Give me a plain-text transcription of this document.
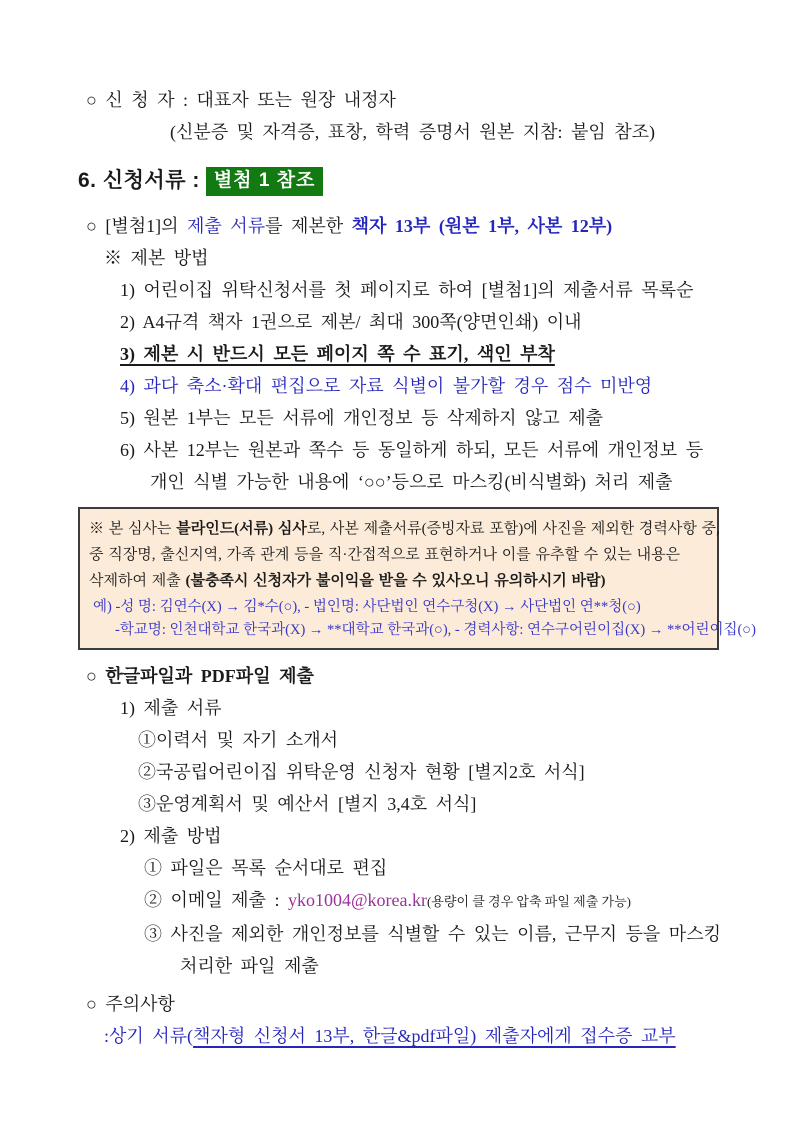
○ 신 청 자 : 대표자 또는 원장 내정자
(신분증 및 자격증, 표창, 학력 증명서 원본 지참: 붙임 참조)
6. 신청서류 : 별첨 1 참조
○ [별첨1]의 제출 서류를 제본한 책자 13부 (원본 1부, 사본 12부)
※ 제본 방법
1) 어린이집 위탁신청서를 첫 페이지로 하여 [별첨1]의 제출서류 목록순
2) A4규격 책자 1권으로 제본/ 최대 300쪽(양면인쇄) 이내
3) 제본 시 반드시 모든 페이지 쪽 수 표기, 색인 부착
4) 과다 축소·확대 편집으로 자료 식별이 불가할 경우 점수 미반영
5) 원본 1부는 모든 서류에 개인정보 등 삭제하지 않고 제출
6) 사본 12부는 원본과 쪽수 등 동일하게 하되, 모든 서류에 개인정보 등
개인 식별 가능한 내용에 ‘○○’등으로 마스킹(비식별화) 처리 제출
※ 본 심사는 블라인드(서류) 심사로, 사본 제출서류(증빙자료 포함)에 사진을 제외한 경력사항 중,
중 직장명, 출신지역, 가족 관계 등을 직·간접적으로 표현하거나 이를 유추할 수 있는 내용은
삭제하여 제출 (불충족시 신청자가 불이익을 받을 수 있사오니 유의하시기 바람)
예) -성 명: 김연수(X) → 김*수(○), - 법인명: 사단법인 연수구청(X) → 사단법인 연**청(○)
-학교명: 인천대학교 한국과(X) → **대학교 한국과(○), - 경력사항: 연수구어린이집(X) → **어린이집(○)
○ 한글파일과 PDF파일 제출
1) 제출 서류
①이력서 및 자기 소개서
②국공립어린이집 위탁운영 신청자 현황 [별지2호 서식]
③운영계획서 및 예산서 [별지 3,4호 서식]
2) 제출 방법
① 파일은 목록 순서대로 편집
② 이메일 제출 : yko1004@korea.kr(용량이 클 경우 압축 파일 제출 가능)
③ 사진을 제외한 개인정보를 식별할 수 있는 이름, 근무지 등을 마스킹
처리한 파일 제출
○ 주의사항
:상기 서류(책자형 신청서 13부, 한글&pdf파일) 제출자에게 접수증 교부
